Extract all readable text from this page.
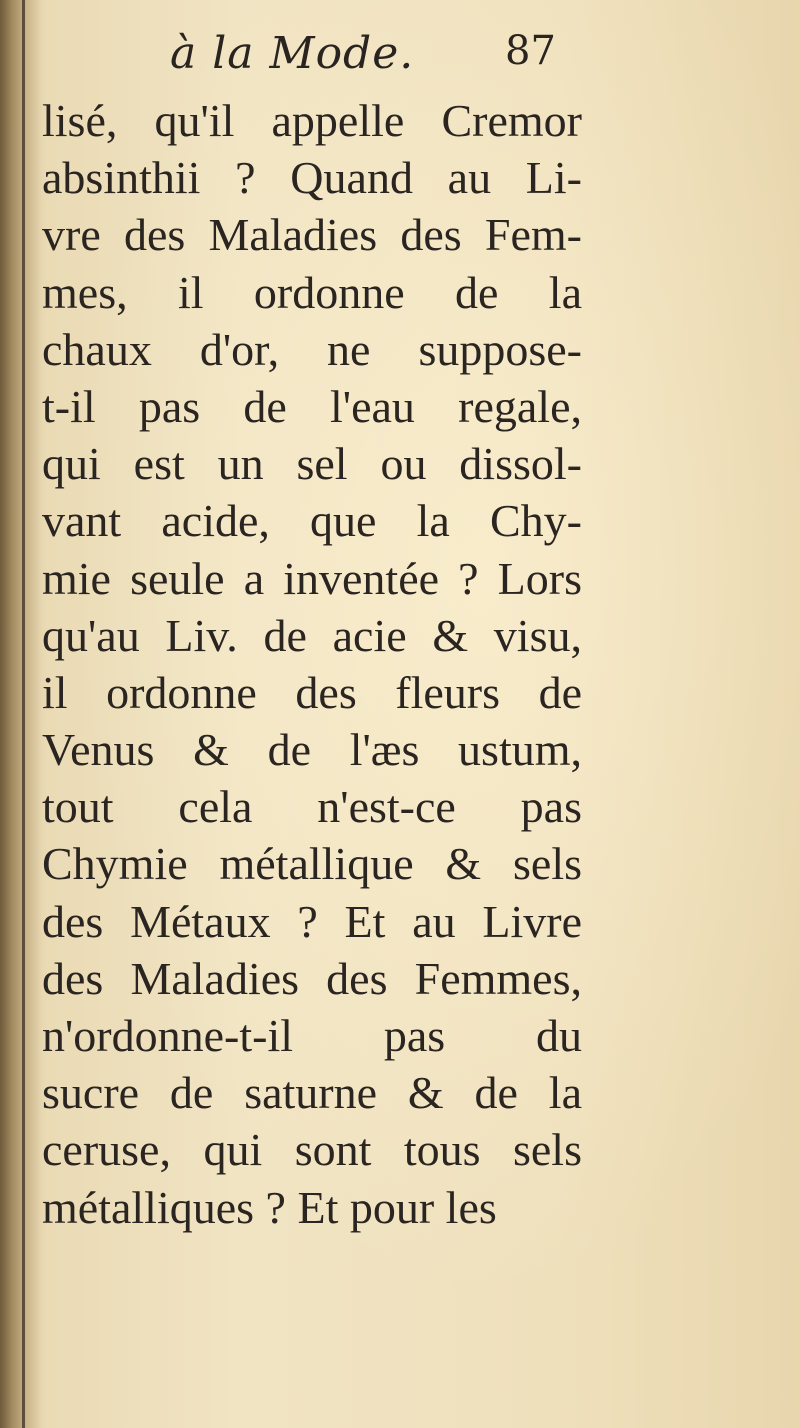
à la Mode. 87
lisé, qu'il appelle Cremor
absinthii ? Quand au Li-
vre des Maladies des Fem-
mes, il ordonne de la
chaux d'or, ne suppose-
t-il pas de l'eau regale,
qui est un sel ou dissol-
vant acide, que la Chy-
mie seule a inventée ? Lors
qu'au Liv. de acie & visu,
il ordonne des fleurs de
Venus & de l'æs ustum,
tout cela n'est-ce pas
Chymie métallique & sels
des Métaux ? Et au Livre
des Maladies des Femmes,
n'ordonne-t-il pas du
sucre de saturne & de la
ceruse, qui sont tous sels
métalliques ? Et pour les
